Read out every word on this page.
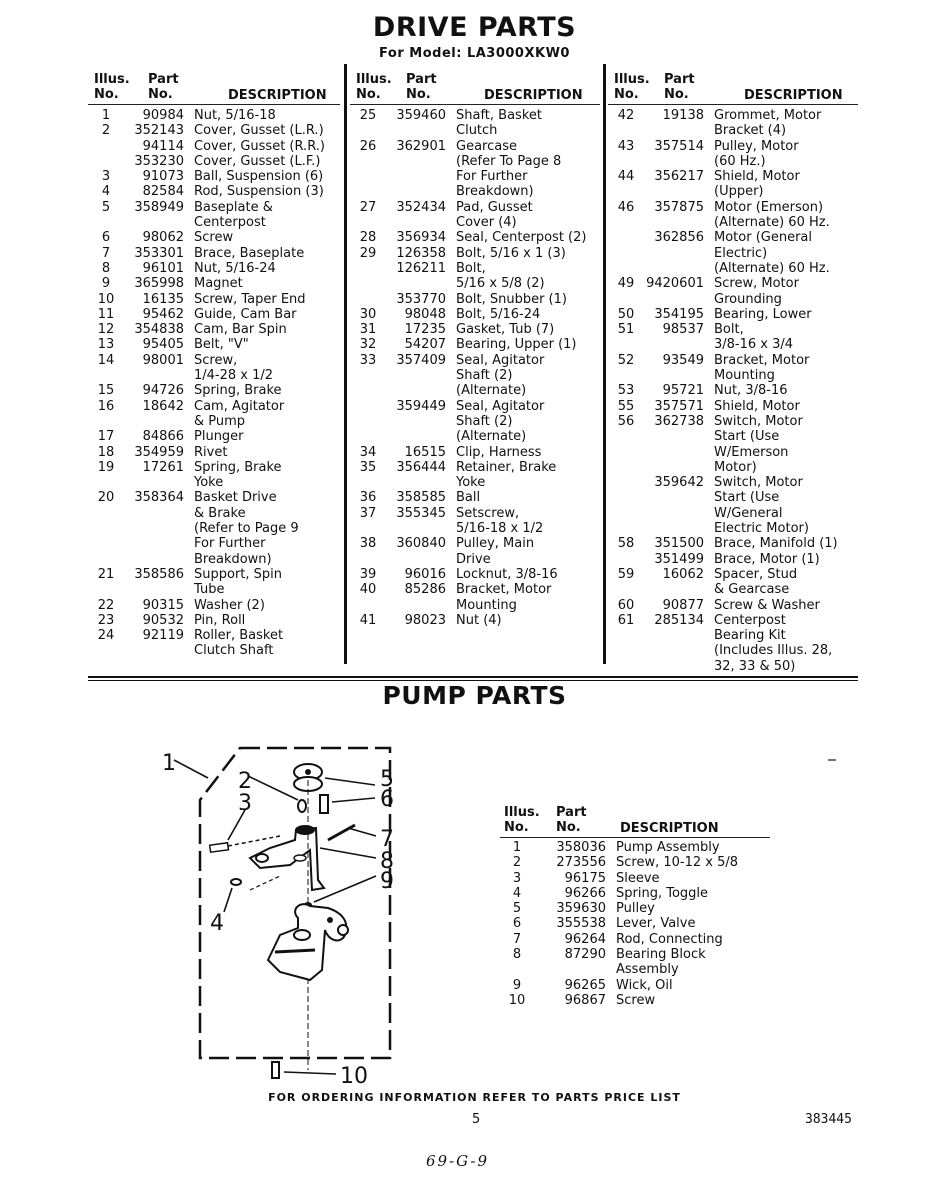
DRIVE PARTS
For Model: LA3000XKW0
Illus.
No.
Part
No.	DESCRIPTION
1	90984 Nut, 5/16-18
2	352143 Cover, Gusset (L.R.)
94114 Cover, Gusset (R.R.)
353230 Cover, Gusset (L.F.)
3	91073 Ball, Suspension (6)
4	82584 Rod, Suspension (3)
5	358949 Baseplate &
Centerpost
6	98062 Screw
7	353301 Brace, Baseplate
8	96101 Nut, 5/16-24
9	365998 Magnet
10	16135 Screw, Taper End
11	95462 Guide, Cam Bar
12	354838 Cam, Bar Spin
13	95405 Belt, "V"
14	98001 Screw,
1/4-28 x 1/2
15	94726 Spring, Brake
16	18642 Cam, Agitator
& Pump
17	84866 Plunger
18	354959 Rivet
19	17261 Spring, Brake
Yoke
20	358364 Basket Drive
& Brake
(Refer to Page 9
For Further
Breakdown)
21	358586 Support, Spin
Tube
22	90315 Washer (2)
23	90532 Pin, Roll
24	92119 Roller, Basket
Clutch Shaft
Illus.
No.
Part
No.	DESCRIPTION
25	359460 Shaft, Basket
Clutch
26	362901 Gearcase
(Refer To Page 8
For Further
Breakdown)
27	352434 Pad, Gusset
Cover (4)
28	356934 Seal, Centerpost (2)
29	126358 Bolt, 5/16 x 1 (3)
126211 Bolt,
5/16 x 5/8 (2)
353770 Bolt, Snubber (1)
30	98048 Bolt, 5/16-24
31	17235 Gasket, Tub (7)
32	54207 Bearing, Upper (1)
33	357409 Seal, Agitator
Shaft (2)
(Alternate)
359449 Seal, Agitator
Shaft (2)
(Alternate)
34	16515 Clip, Harness
35	356444 Retainer, Brake
Yoke
36	358585 Ball
37	355345 Setscrew,
5/16-18 x 1/2
38	360840 Pulley, Main
Drive
39	96016 Locknut, 3/8-16
40	85286 Bracket, Motor
Mounting
41	98023 Nut (4)
Illus.
No.
Part
No.	DESCRIPTION
42	19138 Grommet, Motor
Bracket (4)
43	357514 Pulley, Motor
(60 Hz.)
44	356217 Shield, Motor
(Upper)
46	357875 Motor (Emerson)
(Alternate) 60 Hz.
362856 Motor (General
Electric)
(Alternate) 60 Hz.
49 9420601 Screw, Motor
Grounding
50	354195 Bearing, Lower
51	98537 Bolt,
3/8-16 x 3/4
52	93549 Bracket, Motor
Mounting
53	95721 Nut, 3/8-16
55	357571 Shield, Motor
56	362738 Switch, Motor
Start (Use
W/Emerson
Motor)
359642 Switch, Motor
Start (Use
W/General
Electric Motor)
58	351500 Brace, Manifold (1)
351499 Brace, Motor (1)
59	16062 Spacer, Stud
& Gearcase
60	90877 Screw & Washer
61	285134 Centerpost
Bearing Kit
(Includes Illus. 28,
32, 33 & 50)
PUMP PARTS
1
2
3
4
5
6
7
8
9
10
Illus.
No.
Part
No.	DESCRIPTION
1	358036 Pump Assembly
2	273556 Screw, 10-12 x 5/8
3	96175 Sleeve
4	96266 Spring, Toggle
5	359630 Pulley
6	355538 Lever, Valve
7	96264 Rod, Connecting
8	87290 Bearing Block
Assembly
9	96265 Wick, Oil
10	96867 Screw
FOR ORDERING INFORMATION REFER TO PARTS PRICE LIST
5	383445
69-G-9
